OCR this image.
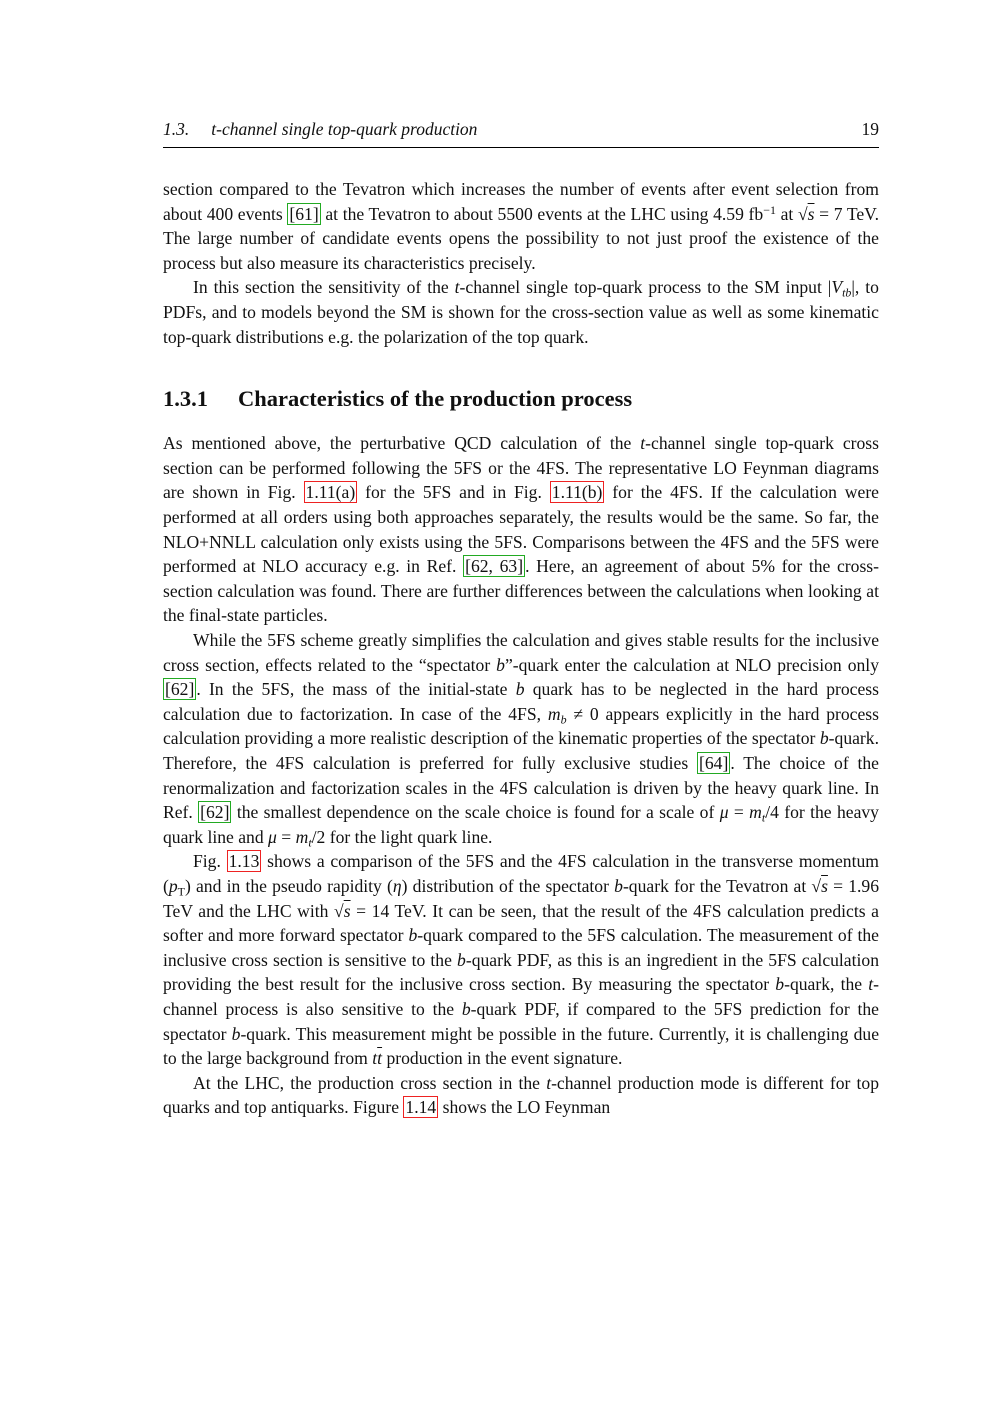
1.3. t-channel single top-quark production	19

section compared to the Tevatron which increases the number of events after event selection from about 400 events [61] at the Tevatron to about 5500 events at the LHC using 4.59 $fb^{-1}$ at √s = 7 TeV. The large number of candidate events opens the possibility to not just proof the existence of the process but also measure its characteristics precisely.

In this section the sensitivity of the t-channel single top-quark process to the SM input $|V_{tb}|$, to PDFs, and to models beyond the SM is shown for the cross-section value as well as some kinematic top-quark distributions e.g. the polarization of the top quark.

1.3.1 Characteristics of the production process

As mentioned above, the perturbative QCD calculation of the t-channel single top-quark cross section can be performed following the 5FS or the 4FS. The representative LO Feynman diagrams are shown in Fig. 1.11(a) for the 5FS and in Fig. 1.11(b) for the 4FS. If the calculation were performed at all orders using both approaches separately, the results would be the same. So far, the NLO+NNLL calculation only exists using the 5FS. Comparisons between the 4FS and the 5FS were performed at NLO accuracy e.g. in Ref. [62, 63] . Here, an agreement of about 5% for the cross-section calculation was found. There are further differences between the calculations when looking at the final-state particles.

While the 5FS scheme greatly simplifies the calculation and gives stable results for the inclusive cross section, effects related to the “spectator b”-quark enter the calculation at NLO precision only [62] . In the 5FS, the mass of the initial-state b quark has to be neglected in the hard process calculation due to factorization. In case of the 4FS, $m_b \ne 0$ appears explicitly in the hard process calculation providing a more realistic description of the kinematic properties of the spectator b-quark. Therefore, the 4FS calculation is preferred for fully exclusive studies [64] . The choice of the renormalization and factorization scales in the 4FS calculation is driven by the heavy quark line. In Ref. [62] the smallest dependence on the scale choice is found for a scale of $\mu = m_t/4$ for the heavy quark line and $\mu = m_t/2$ for the light quark line.

Fig. 1.13 shows a comparison of the 5FS and the 4FS calculation in the transverse momentum $(p_T)$ and in the pseudo rapidity (η) distribution of the spectator b-quark for the Tevatron at √s = 1.96 TeV and the LHC with √s = 14 TeV. It can be seen, that the result of the 4FS calculation predicts a softer and more forward spectator b-quark compared to the 5FS calculation. The measurement of the inclusive cross section is sensitive to the b-quark PDF, as this is an ingredient in the 5FS calculation providing the best result for the inclusive cross section. By measuring the spectator b-quark, the t-channel process is also sensitive to the b-quark PDF, if compared to the 5FS prediction for the spectator b-quark. This measurement might be possible in the future. Currently, it is challenging due to the large background from $t\overline{t}$ production in the event signature.

At the LHC, the production cross section in the t-channel production mode is different for top quarks and top antiquarks. Figure 1.14 shows the LO Feynman
